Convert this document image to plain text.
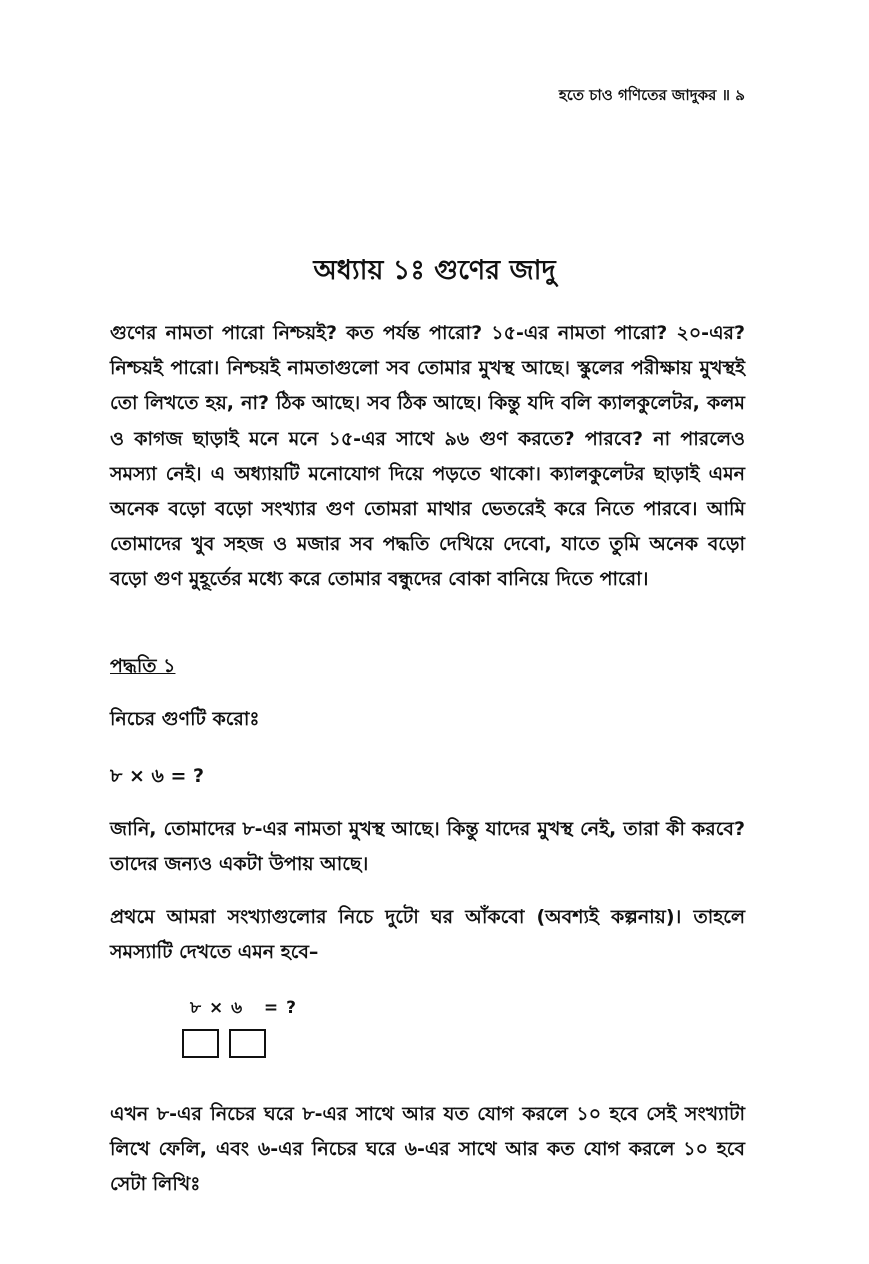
হতে চাও গণিতের জাদুকর ॥ ৯
অধ্যায় ১ঃ গুণের জাদু
গুণের নামতা পারো নিশ্চয়ই? কত পর্যন্ত পারো? ১৫-এর নামতা পারো? ২০-এর? নিশ্চয়ই পারো। নিশ্চয়ই নামতাগুলো সব তোমার মুখস্থ আছে। স্কুলের পরীক্ষায় মুখস্থই তো লিখতে হয়, না? ঠিক আছে। সব ঠিক আছে। কিন্তু যদি বলি ক্যালকুলেটর, কলম ও কাগজ ছাড়াই মনে মনে ১৫-এর সাথে ৯৬ গুণ করতে? পারবে? না পারলেও সমস্যা নেই। এ অধ্যায়টি মনোযোগ দিয়ে পড়তে থাকো। ক্যালকুলেটর ছাড়াই এমন অনেক বড়ো বড়ো সংখ্যার গুণ তোমরা মাথার ভেতরেই করে নিতে পারবে। আমি তোমাদের খুব সহজ ও মজার সব পদ্ধতি দেখিয়ে দেবো, যাতে তুমি অনেক বড়ো বড়ো গুণ মুহূর্তের মধ্যে করে তোমার বন্ধুদের বোকা বানিয়ে দিতে পারো।
পদ্ধতি ১
নিচের গুণটি করোঃ
৮ × ৬ = ?
জানি, তোমাদের ৮-এর নামতা মুখস্থ আছে। কিন্তু যাদের মুখস্থ নেই, তারা কী করবে? তাদের জন্যও একটা উপায় আছে।
প্রথমে আমরা সংখ্যাগুলোর নিচে দুটো ঘর আঁকবো (অবশ্যই কল্পনায়)। তাহলে সমস্যাটি দেখতে এমন হবে–
৮ × ৬   = ?
এখন ৮-এর নিচের ঘরে ৮-এর সাথে আর যত যোগ করলে ১০ হবে সেই সংখ্যাটা লিখে ফেলি, এবং ৬-এর নিচের ঘরে ৬-এর সাথে আর কত যোগ করলে ১০ হবে সেটা লিখিঃ
